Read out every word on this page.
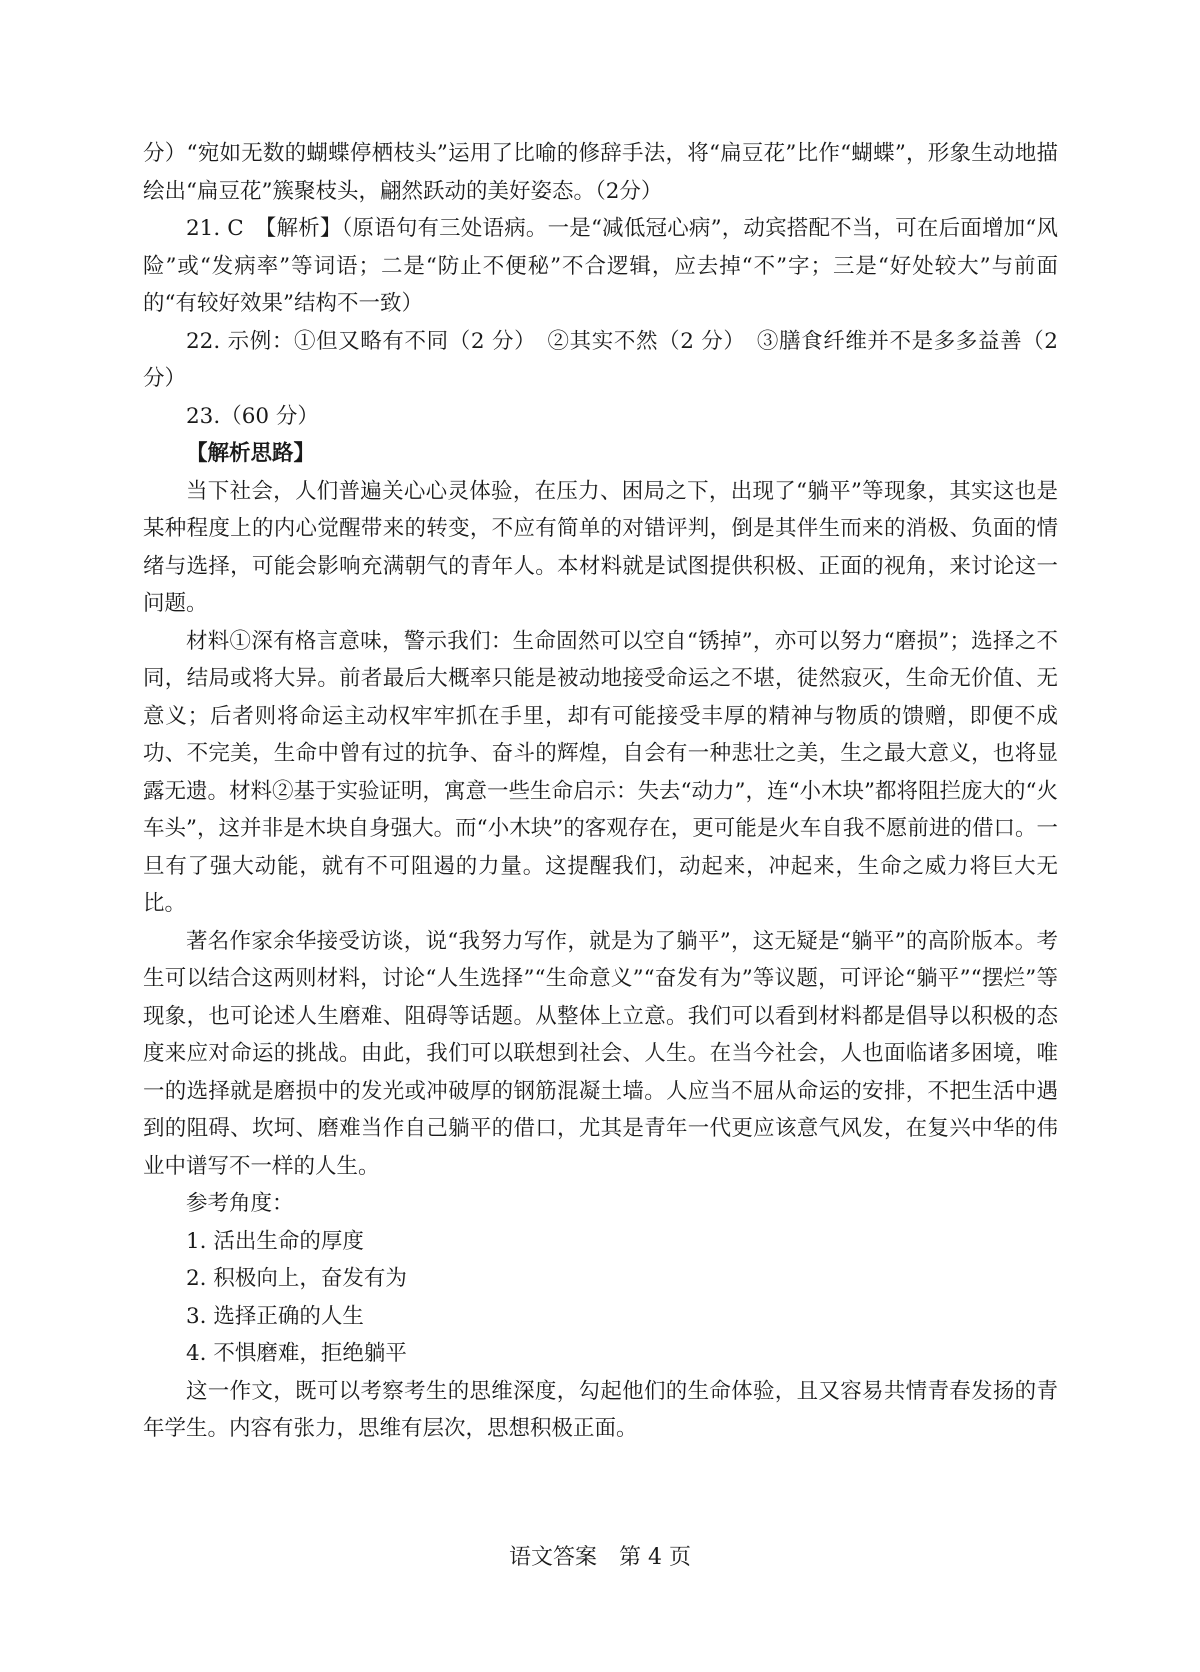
分）“宛如无数的蝴蝶停栖枝头”运用了比喻的修辞手法，将“扁豆花”比作“蝴蝶”，形象生动地描绘出“扁豆花”簇聚枝头，翩然跃动的美好姿态。（2分）

21. C　【解析】（原语句有三处语病。一是“减低冠心病”，动宾搭配不当，可在后面增加“风险”或“发病率”等词语；二是“防止不便秘”不合逻辑，应去掉“不”字；三是“好处较大”与前面的“有较好效果”结构不一致）

22. 示例：①但又略有不同（2 分）　②其实不然（2 分）　③膳食纤维并不是多多益善（2 分）

23.（60 分）

【解析思路】

当下社会，人们普遍关心心灵体验，在压力、困局之下，出现了“躺平”等现象，其实这也是某种程度上的内心觉醒带来的转变，不应有简单的对错评判，倒是其伴生而来的消极、负面的情绪与选择，可能会影响充满朝气的青年人。本材料就是试图提供积极、正面的视角，来讨论这一问题。

材料①深有格言意味，警示我们：生命固然可以空自“锈掉”，亦可以努力“磨损”；选择之不同，结局或将大异。前者最后大概率只能是被动地接受命运之不堪，徒然寂灭，生命无价值、无意义；后者则将命运主动权牢牢抓在手里，却有可能接受丰厚的精神与物质的馈赠，即便不成功、不完美，生命中曾有过的抗争、奋斗的辉煌，自会有一种悲壮之美，生之最大意义，也将显露无遗。材料②基于实验证明，寓意一些生命启示：失去“动力”，连“小木块”都将阻拦庞大的“火车头”，这并非是木块自身强大。而“小木块”的客观存在，更可能是火车自我不愿前进的借口。一旦有了强大动能，就有不可阻遏的力量。这提醒我们，动起来，冲起来，生命之威力将巨大无比。

著名作家余华接受访谈，说“我努力写作，就是为了躺平”，这无疑是“躺平”的高阶版本。考生可以结合这两则材料，讨论“人生选择”“生命意义”“奋发有为”等议题，可评论“躺平”“摆烂”等现象，也可论述人生磨难、阻碍等话题。从整体上立意。我们可以看到材料都是倡导以积极的态度来应对命运的挑战。由此，我们可以联想到社会、人生。在当今社会，人也面临诸多困境，唯一的选择就是磨损中的发光或冲破厚的钢筋混凝土墙。人应当不屈从命运的安排，不把生活中遇到的阻碍、坎坷、磨难当作自己躺平的借口，尤其是青年一代更应该意气风发，在复兴中华的伟业中谱写不一样的人生。

参考角度：

1. 活出生命的厚度

2. 积极向上，奋发有为

3. 选择正确的人生

4. 不惧磨难，拒绝躺平

这一作文，既可以考察考生的思维深度，勾起他们的生命体验，且又容易共情青春发扬的青年学生。内容有张力，思维有层次，思想积极正面。

语文答案　第 4 页
